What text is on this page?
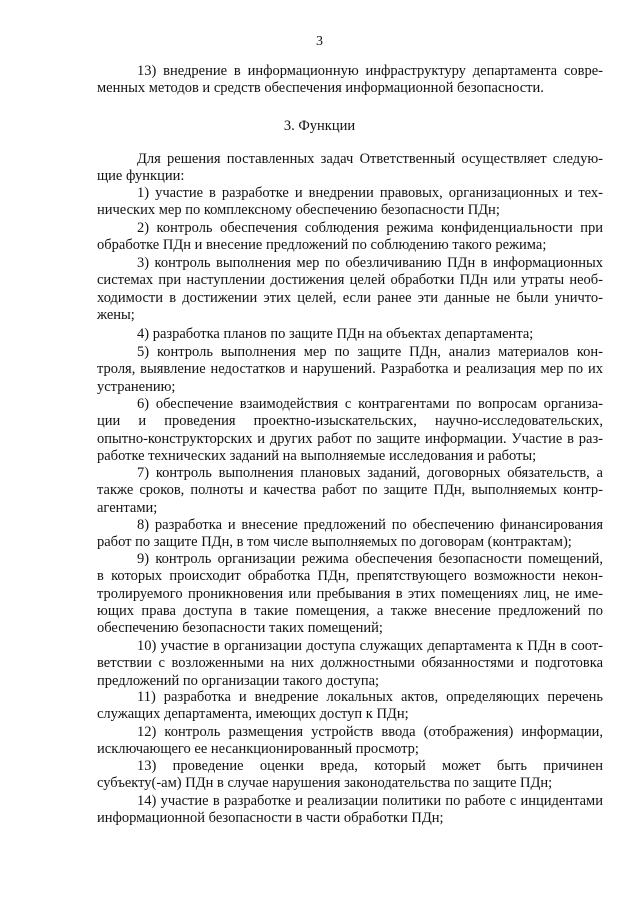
3
3. Функции
13) внедрение в информационную инфраструктуру департамента совре-
менных методов и средств обеспечения информационной безопасности.
Для решения поставленных задач Ответственный осуществляет следую-
щие функции:
1) участие в разработке и внедрении правовых, организационных и тех-
нических мер по комплексному обеспечению безопасности ПДн;
2) контроль обеспечения соблюдения режима конфиденциальности при
обработке ПДн и внесение предложений по соблюдению такого режима;
3) контроль выполнения мер по обезличиванию ПДн в информационных
системах при наступлении достижения целей обработки ПДн или утраты необ-
ходимости в достижении этих целей, если ранее эти данные не были уничто-
жены;
4) разработка планов по защите ПДн на объектах департамента;
5) контроль выполнения мер по защите ПДн, анализ материалов кон-
троля, выявление недостатков и нарушений. Разработка и реализация мер по их
устранению;
6) обеспечение взаимодействия с контрагентами по вопросам организа-
ции и проведения проектно-изыскательских, научно-исследовательских,
опытно-конструкторских и других работ по защите информации. Участие в раз-
работке технических заданий на выполняемые исследования и работы;
7) контроль выполнения плановых заданий, договорных обязательств, а
также сроков, полноты и качества работ по защите ПДн, выполняемых контр-
агентами;
8) разработка и внесение предложений по обеспечению финансирования
работ по защите ПДн, в том числе выполняемых по договорам (контрактам);
9) контроль организации режима обеспечения безопасности помещений,
в которых происходит обработка ПДн, препятствующего возможности некон-
тролируемого проникновения или пребывания в этих помещениях лиц, не име-
ющих права доступа в такие помещения, а также внесение предложений по
обеспечению безопасности таких помещений;
10) участие в организации доступа служащих департамента к ПДн в соот-
ветствии с возложенными на них должностными обязанностями и подготовка
предложений по организации такого доступа;
11) разработка и внедрение локальных актов, определяющих перечень
служащих департамента, имеющих доступ к ПДн;
12) контроль размещения устройств ввода (отображения) информации,
исключающего ее несанкционированный просмотр;
13) проведение оценки вреда, который может быть причинен
субъекту(-ам) ПДн в случае нарушения законодательства по защите ПДн;
14) участие в разработке и реализации политики по работе с инцидентами
информационной безопасности в части обработки ПДн;
